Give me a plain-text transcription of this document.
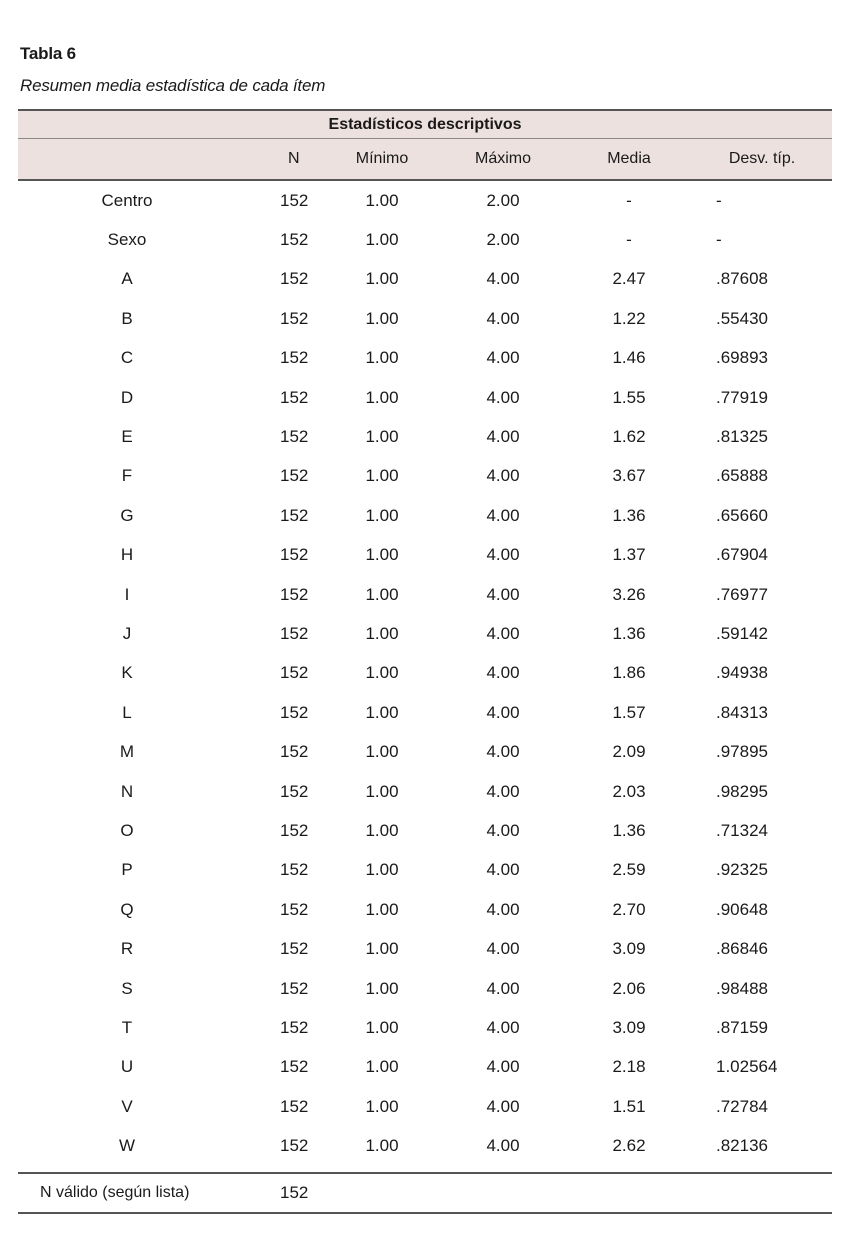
Tabla 6
Resumen media estadística de cada ítem
Estadísticos descriptivos					
	N	Mínimo	Máximo	Media	Desv. típ.
Centro	152	1.00	2.00	-	-
Sexo	152	1.00	2.00	-	-
A	152	1.00	4.00	2.47	.87608
B	152	1.00	4.00	1.22	.55430
C	152	1.00	4.00	1.46	.69893
D	152	1.00	4.00	1.55	.77919
E	152	1.00	4.00	1.62	.81325
F	152	1.00	4.00	3.67	.65888
G	152	1.00	4.00	1.36	.65660
H	152	1.00	4.00	1.37	.67904
I	152	1.00	4.00	3.26	.76977
J	152	1.00	4.00	1.36	.59142
K	152	1.00	4.00	1.86	.94938
L	152	1.00	4.00	1.57	.84313
M	152	1.00	4.00	2.09	.97895
N	152	1.00	4.00	2.03	.98295
O	152	1.00	4.00	1.36	.71324
P	152	1.00	4.00	2.59	.92325
Q	152	1.00	4.00	2.70	.90648
R	152	1.00	4.00	3.09	.86846
S	152	1.00	4.00	2.06	.98488
T	152	1.00	4.00	3.09	.87159
U	152	1.00	4.00	2.18	1.02564
V	152	1.00	4.00	1.51	.72784
W	152	1.00	4.00	2.62	.82136
N válido (según lista)	152				
